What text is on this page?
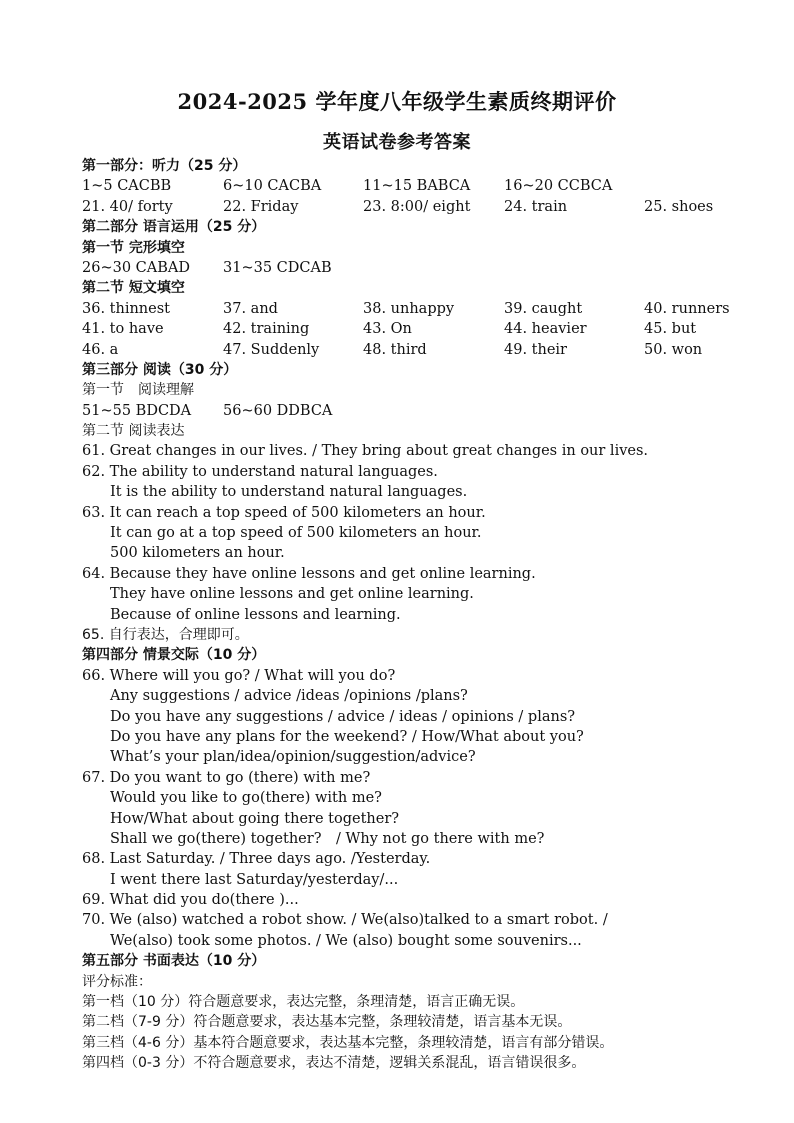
2024-2025 学年度八年级学生素质终期评价
英语试卷参考答案
第一部分：听力（25 分）
1~5 CACBB	6~10 CACBA	11~15 BABCA 16~20 CCBCA
21. 40/ forty	22. Friday	23. 8:00/ eight 24. train	25. shoes
第二部分 语言运用（25 分）
第一节 完形填空
26~30 CABAD 31~35 CDCAB
第二节 短文填空
36. thinnest	37. and	38. unhappy	39. caught	40. runners
41. to have	42. training	43. On	44. heavier	45. but
46. a	47. Suddenly	48. third	49. their	50. won
第三部分 阅读（30 分）
第一节　阅读理解
51~55 BDCDA 56~60 DDBCA
第二节 阅读表达
61. Great changes in our lives. / They bring about great changes in our lives.
62. The ability to understand natural languages.
It is the ability to understand natural languages.
63. It can reach a top speed of 500 kilometers an hour.
It can go at a top speed of 500 kilometers an hour.
500 kilometers an hour.
64. Because they have online lessons and get online learning.
They have online lessons and get online learning.
Because of online lessons and learning.
65. 自行表达，合理即可。
第四部分 情景交际（10 分）
66. Where will you go? / What will you do?
Any suggestions / advice /ideas /opinions /plans?
Do you have any suggestions / advice / ideas / opinions / plans?
Do you have any plans for the weekend? / How/What about you?
What’s your plan/idea/opinion/suggestion/advice?
67. Do you want to go (there) with me?
Would you like to go(there) with me?
How/What about going there together?
Shall we go(there) together?　/ Why not go there with me?
68. Last Saturday. / Three days ago. /Yesterday.
I went there last Saturday/yesterday/...
69. What did you do(there )...
70. We (also) watched a robot show. / We(also)talked to a smart robot. /
We(also) took some photos. / We (also) bought some souvenirs...
第五部分 书面表达（10 分）
评分标准：
第一档（10 分）符合题意要求，表达完整，条理清楚，语言正确无误。
第二档（7-9 分）符合题意要求，表达基本完整，条理较清楚，语言基本无误。
第三档（4-6 分）基本符合题意要求，表达基本完整，条理较清楚，语言有部分错误。
第四档（0-3 分）不符合题意要求，表达不清楚，逻辑关系混乱，语言错误很多。
